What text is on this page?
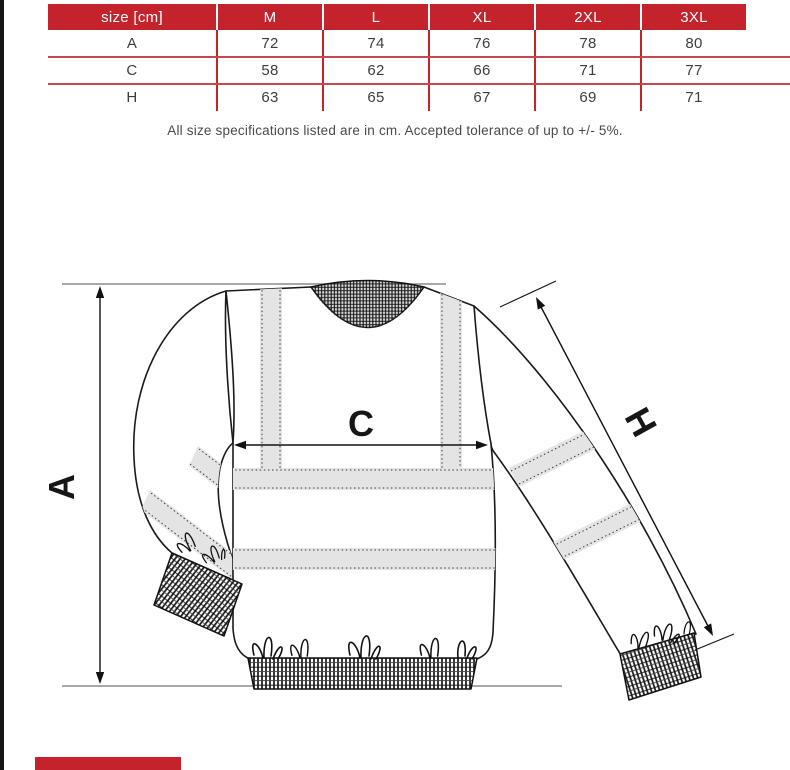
size [cm]	M	L	XL	2XL	3XL
A	72	74	76	78	80
C	58	62	66	71	77
H	63	65	67	69	71
All size specifications listed are in cm. Accepted tolerance of up to +/- 5%.
A
C	H
